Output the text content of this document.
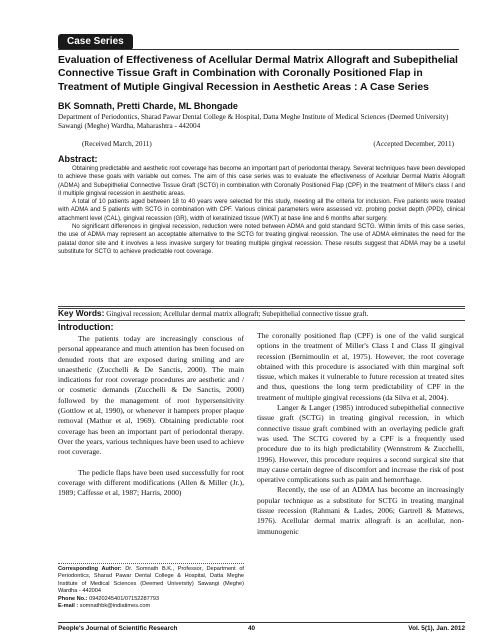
Case Series
Evaluation of Effectiveness of Acellular Dermal Matrix Allograft and Subepithelial Connective Tissue Graft in Combination with Coronally Positioned Flap in Treatment of Mutiple Gingival Recession in Aesthetic Areas : A Case Series
BK Somnath, Pretti Charde, ML Bhongade
Department of Periodontics, Sharad Pawar Dental College & Hospital, Datta Meghe Institute of Medical Sciences (Deemed University) Sawangi (Meghe) Wardha, Maharashtra - 442004
(Received March, 2011)	(Accepted December, 2011)
Abstract:

Obtaining predictable and aesthetic root coverage has become an important part of periodontal therapy. Several techniques have been developed to achieve these goals with variable out comes. The aim of this case series was to evaluate the effectiveness of Acellular Dermal Matrix Allograft (ADMA) and Subepithelial Connective Tissue Graft (SCTG) in combination with Coronally Positioned Flap (CPF) in the treatment of Miller's class I and II multiple gingival recession in aesthetic areas.

A total of 10 patients aged between 18 to 40 years were selected for this study, meeting all the criteria for inclusion. Five patients were treated with ADMA and 5 patients with SCTG in combination with CPF. Various clinical parameters were assessed viz. probing pocket depth (PPD), clinical attachment level (CAL), gingival recession (GR), width of keratinized tissue (WKT) at base line and 6 months after surgery.

No significant differences in gingival recession, reduction were noted between ADMA and gold standard SCTG. Within limits of this case series, the use of ADMA may represent an acceptable alternative to the SCTG for treating gingival recession. The use of ADMA eliminates the need for the palatal donor site and it involves a less invasive surgery for treating multiple gingival recession. These results suggest that ADMA may be a useful substitute for SCTG to achieve predictable root coverage.

Key Words: Gingival recession; Acellular dermal matrix allograft; Subepithelial connective tissue graft.
Introduction:

The patients today are increasingly conscious of personal appearance and much attention has been focused on denuded roots that are exposed during smiling and are unaesthetic (Zucchelli & De Sanctis, 2000). The main indications for root coverage procedures are aesthetic and / or cosmetic demands (Zucchelli & De Sanctis, 2000) followed by the management of root hypersensitivity (Gottlow et al, 1990), or whenever it hampers proper plaque removal (Mathur et al, 1969). Obtaining predictable root coverage has been an important part of periodontal therapy. Over the years, various techniques have been used to achieve root coverage.

The pedicle flaps have been used successfully for root coverage with different modifications (Allen & Miller (Jr.), 1989; Caffesse et al, 1987; Harris, 2000)

Corresponding Author: Dr. Somnath B.K., Professor, Department of Periodontics, Sharad Pawar Dental College & Hospital, Datta Meghe Institute of Medical Sciences (Deemed University) Sawangi (Meghe) Wardha - 442004
Phone No.: 09420245401/07152287793
E-mail : somnathbk@indiatimes.com

The coronally positioned flap (CPF) is one of the valid surgical options in the treatment of Miller's Class I and Class II gingival recession (Bernimoulin et al, 1975). However, the root coverage obtained with this procedure is associated with thin marginal soft tissue, which makes it vulnerable to future recession at treated sites and thus, questions the long term predictability of CPF in the treatment of multiple gingival recessions (da Silva et al, 2004).

Langer & Langer (1985) introduced subepithelial connective tissue graft (SCTG) in treating gingival recession, in which connective tissue graft combined with an overlaying pedicle graft was used. The SCTG covered by a CPF is a frequently used procedure due to its high predictability (Wennstrom & Zucchelli, 1996). However, this procedure requires a second surgical site that may cause certain degree of discomfort and increase the risk of post operative complications such as pain and hemorrhage.

Recently, the use of an ADMA has become an increasingly popular technique as a substitute for SCTG in treating marginal tissue recession (Rahmani & Lades, 2006; Gartrell & Mattews, 1976). Acellular dermal matrix allograft is an acellular, non-immunogenic

People's Journal of Scientific Research	40	Vol. 5(1), Jan. 2012
